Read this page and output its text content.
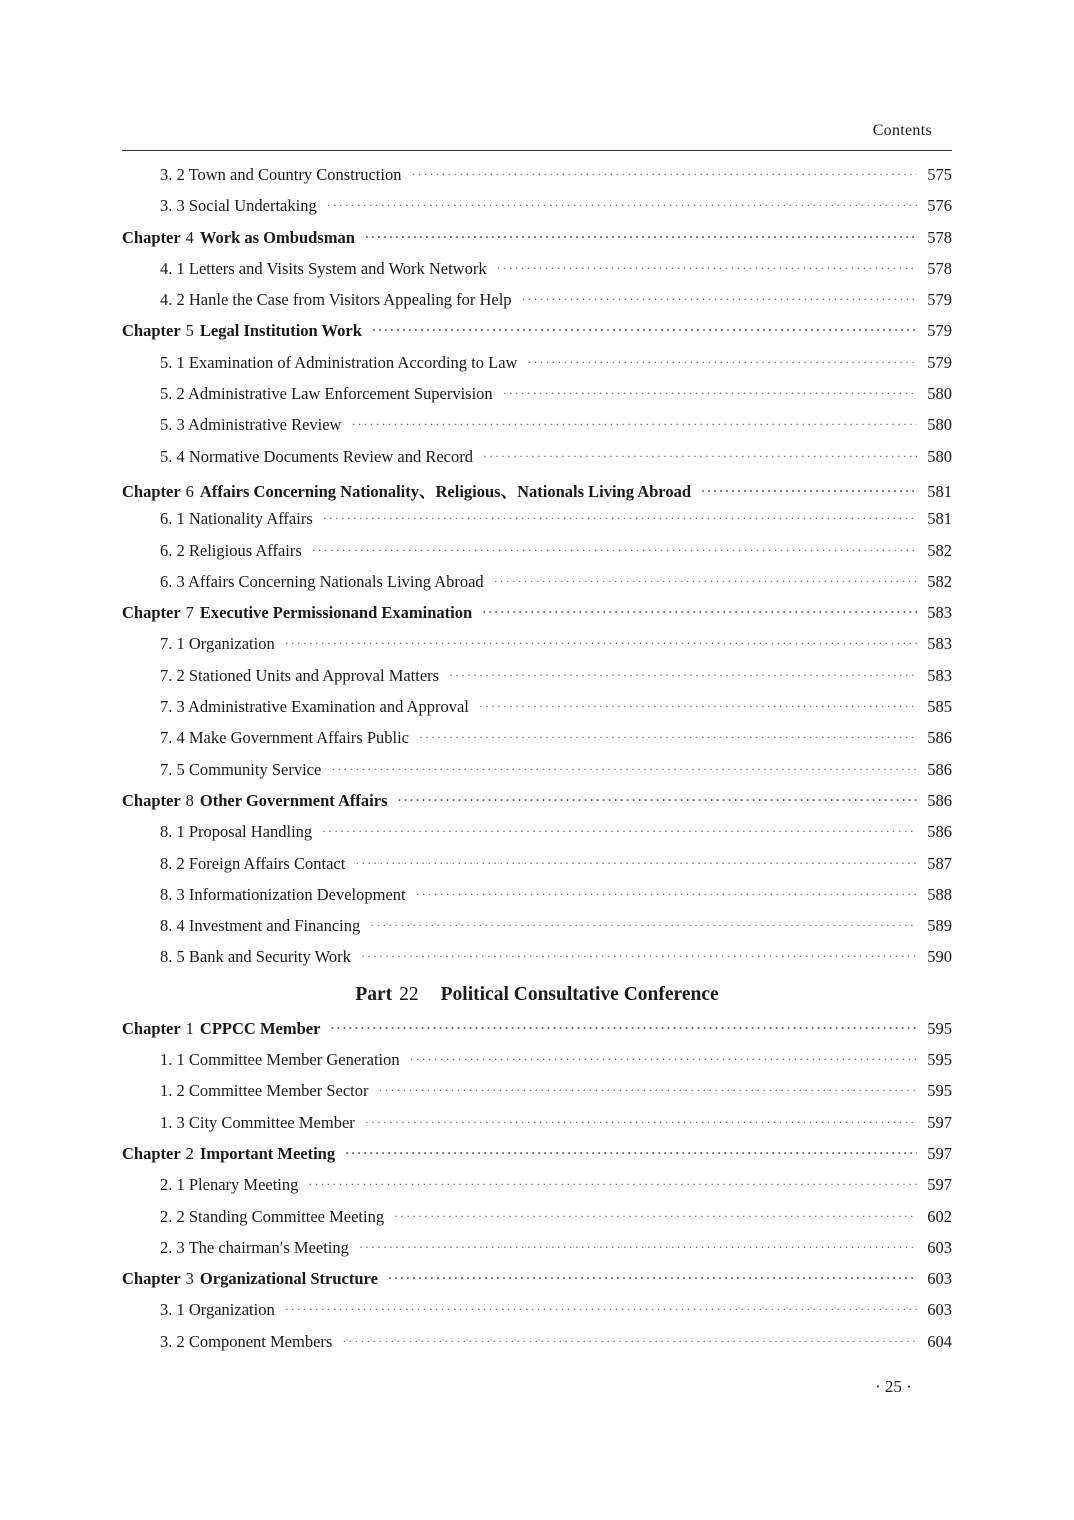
Contents
3. 2 Town and Country Construction ·····	575
3. 3 Social Undertaking ·····	576
Chapter 4 Work as Ombudsman ·····	578
4. 1 Letters and Visits System and Work Network ·····	578
4. 2 Hanle the Case from Visitors Appealing for Help ·····	579
Chapter 5 Legal Institution Work ·····	579
5. 1 Examination of Administration According to Law ·····	579
5. 2 Administrative Law Enforcement Supervision ·····	580
5. 3 Administrative Review ·····	580
5. 4 Normative Documents Review and Record ·····	580
Chapter 6 Affairs Concerning Nationality、Religious、Nationals Living Abroad ·····	581
6. 1 Nationality Affairs ·····	581
6. 2 Religious Affairs ·····	582
6. 3 Affairs Concerning Nationals Living Abroad ·····	582
Chapter 7 Executive Permissionand Examination ·····	583
7. 1 Organization ·····	583
7. 2 Stationed Units and Approval Matters ·····	583
7. 3 Administrative Examination and Approval ·····	585
7. 4 Make Government Affairs Public ·····	586
7. 5 Community Service ·····	586
Chapter 8 Other Government Affairs ·····	586
8. 1 Proposal Handling ·····	586
8. 2 Foreign Affairs Contact ·····	587
8. 3 Informationization Development ·····	588
8. 4 Investment and Financing ·····	589
8. 5 Bank and Security Work ·····	590
Part 22 Political Consultative Conference
Chapter 1 CPPCC Member ·····	595
1. 1 Committee Member Generation ·····	595
1. 2 Committee Member Sector ·····	595
1. 3 City Committee Member ·····	597
Chapter 2 Important Meeting ·····	597
2. 1 Plenary Meeting ·····	597
2. 2 Standing Committee Meeting ·····	602
2. 3 The chairman′s Meeting ·····	603
Chapter 3 Organizational Structure ·····	603
3. 1 Organization ·····	603
3. 2 Component Members ·····	604
· 25 ·
